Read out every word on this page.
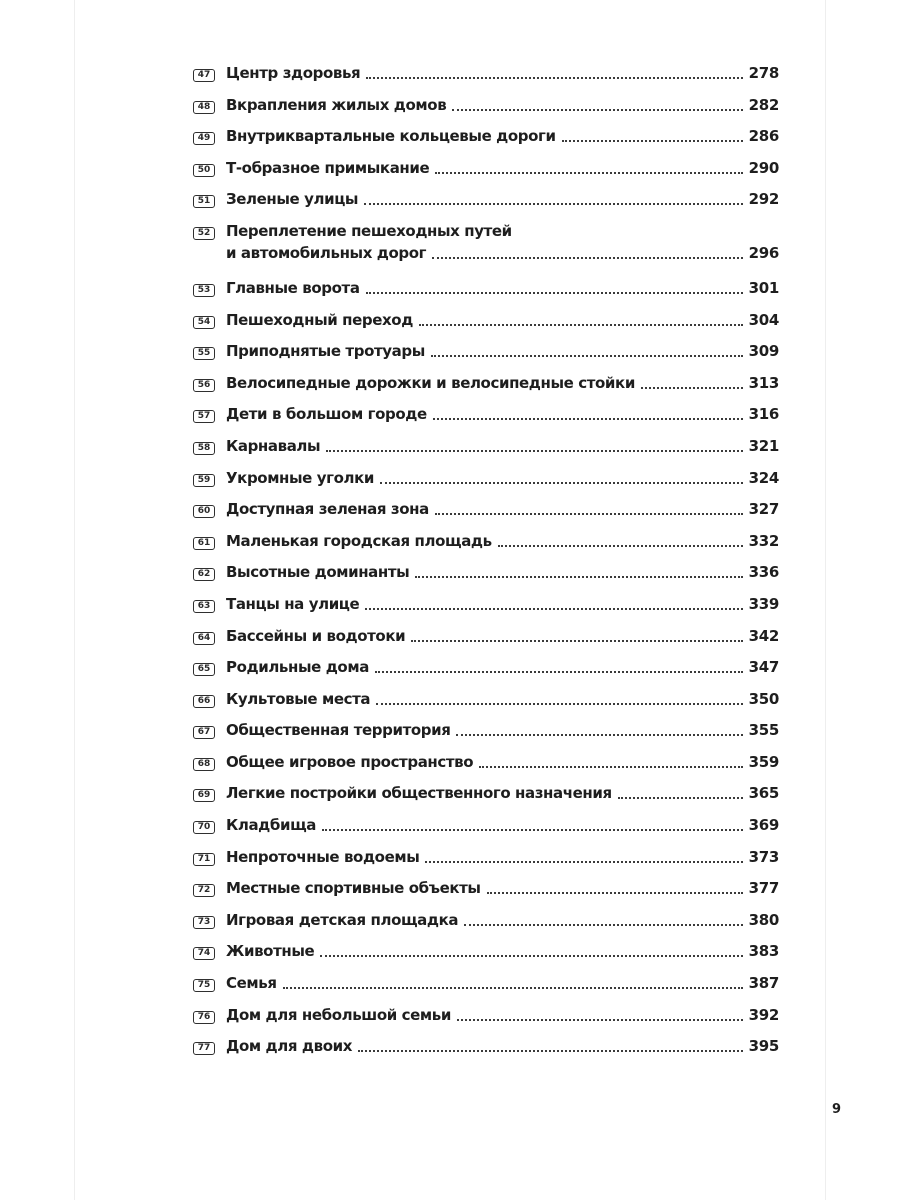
47	Центр здоровья	278
48	Вкрапления жилых домов	282
49	Внутриквартальные кольцевые дороги	286
50	Т-образное примыкание	290
51	Зеленые улицы	292
52	Переплетение пешеходных путей
и автомобильных дорог	296
53	Главные ворота	301
54	Пешеходный переход	304
55	Приподнятые тротуары	309
56	Велосипедные дорожки и велосипедные стойки	313
57	Дети в большом городе	316
58	Карнавалы	321
59	Укромные уголки	324
60	Доступная зеленая зона	327
61	Маленькая городская площадь	332
62	Высотные доминанты	336
63	Танцы на улице	339
64	Бассейны и водотоки	342
65	Родильные дома	347
66	Культовые места	350
67	Общественная территория	355
68	Общее игровое пространство	359
69	Легкие постройки общественного назначения	365
70	Кладбища	369
71	Непроточные водоемы	373
72	Местные спортивные объекты	377
73	Игровая детская площадка	380
74	Животные	383
75	Семья	387
76	Дом для небольшой семьи	392
77	Дом для двоих	395
9
